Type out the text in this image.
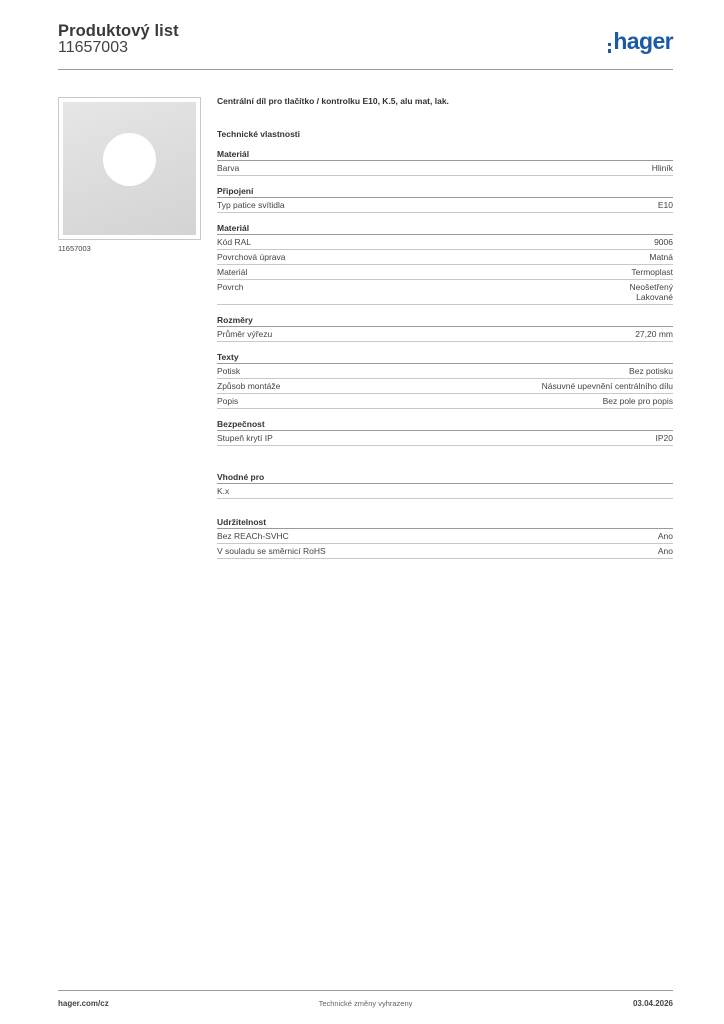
Produktový list
11657003	hager
11657003
Centrální díl pro tlačítko / kontrolku E10, K.5, alu mat, lak.
Technické vlastnosti
Materiál
Barva	Hliník
Připojení
Typ patice svítidla	E10
Materiál
Kód RAL	9006
Povrchová úprava	Matná
Materiál	Termoplast
Povrch	Neošetřený
Lakované
Rozměry
Průměr výřezu	27,20 mm
Texty
Potisk	Bez potisku
Způsob montáže	Násuvné upevnění centrálního dílu
Popis	Bez pole pro popis
Bezpečnost
Stupeň krytí IP	IP20
Vhodné pro
K.x
Udržitelnost
Bez REACh-SVHC	Ano
V souladu se směrnicí RoHS	Ano
hager.com/cz	Technické změny vyhrazeny	03.04.2026
